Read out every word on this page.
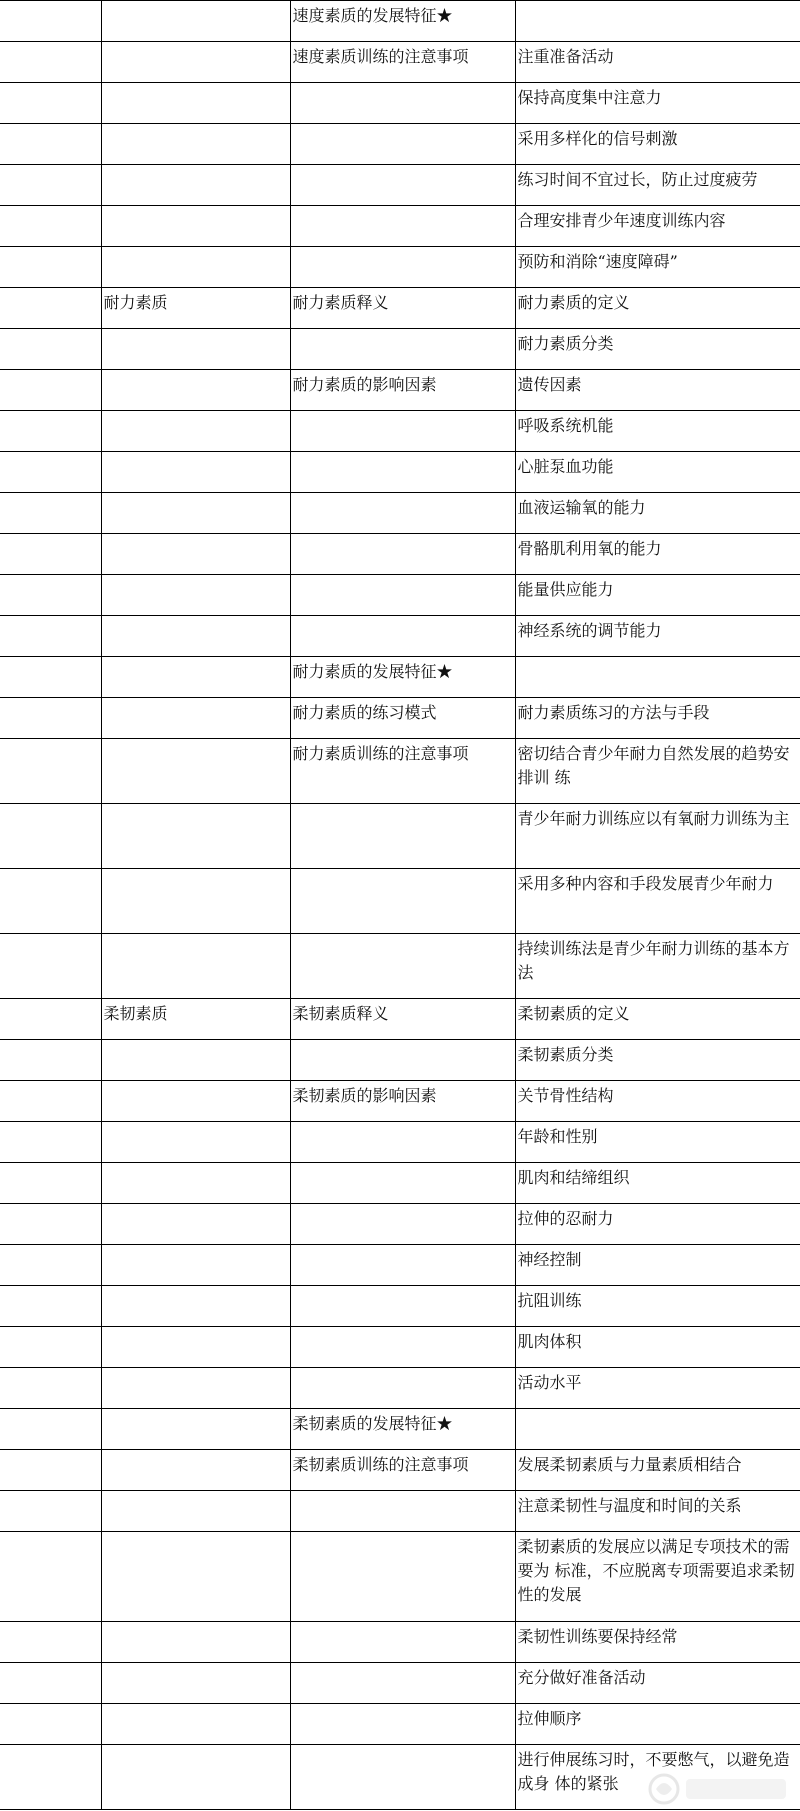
		速度素质的发展特征★	
		速度素质训练的注意事项	注重准备活动
			保持高度集中注意力
			采用多样化的信号刺激
			练习时间不宜过长，防止过度疲劳
			合理安排青少年速度训练内容
			预防和消除“速度障碍”
	耐力素质	耐力素质释义	耐力素质的定义
			耐力素质分类
		耐力素质的影响因素	遗传因素
			呼吸系统机能
			心脏泵血功能
			血液运输氧的能力
			骨骼肌利用氧的能力
			能量供应能力
			神经系统的调节能力
		耐力素质的发展特征★	
		耐力素质的练习模式	耐力素质练习的方法与手段
		耐力素质训练的注意事项	密切结合青少年耐力自然发展的趋势安排训 练
			青少年耐力训练应以有氧耐力训练为主
			采用多种内容和手段发展青少年耐力
			持续训练法是青少年耐力训练的基本方法
	柔韧素质	柔韧素质释义	柔韧素质的定义
			柔韧素质分类
		柔韧素质的影响因素	关节骨性结构
			年龄和性别
			肌肉和结缔组织
			拉伸的忍耐力
			神经控制
			抗阻训练
			肌肉体积
			活动水平
		柔韧素质的发展特征★	
		柔韧素质训练的注意事项	发展柔韧素质与力量素质相结合
			注意柔韧性与温度和时间的关系
			柔韧素质的发展应以满足专项技术的需要为 标准，不应脱离专项需要追求柔韧性的发展
			柔韧性训练要保持经常
			充分做好准备活动
			拉伸顺序
			进行伸展练习时，不要憋气，以避免造成身 体的紧张
